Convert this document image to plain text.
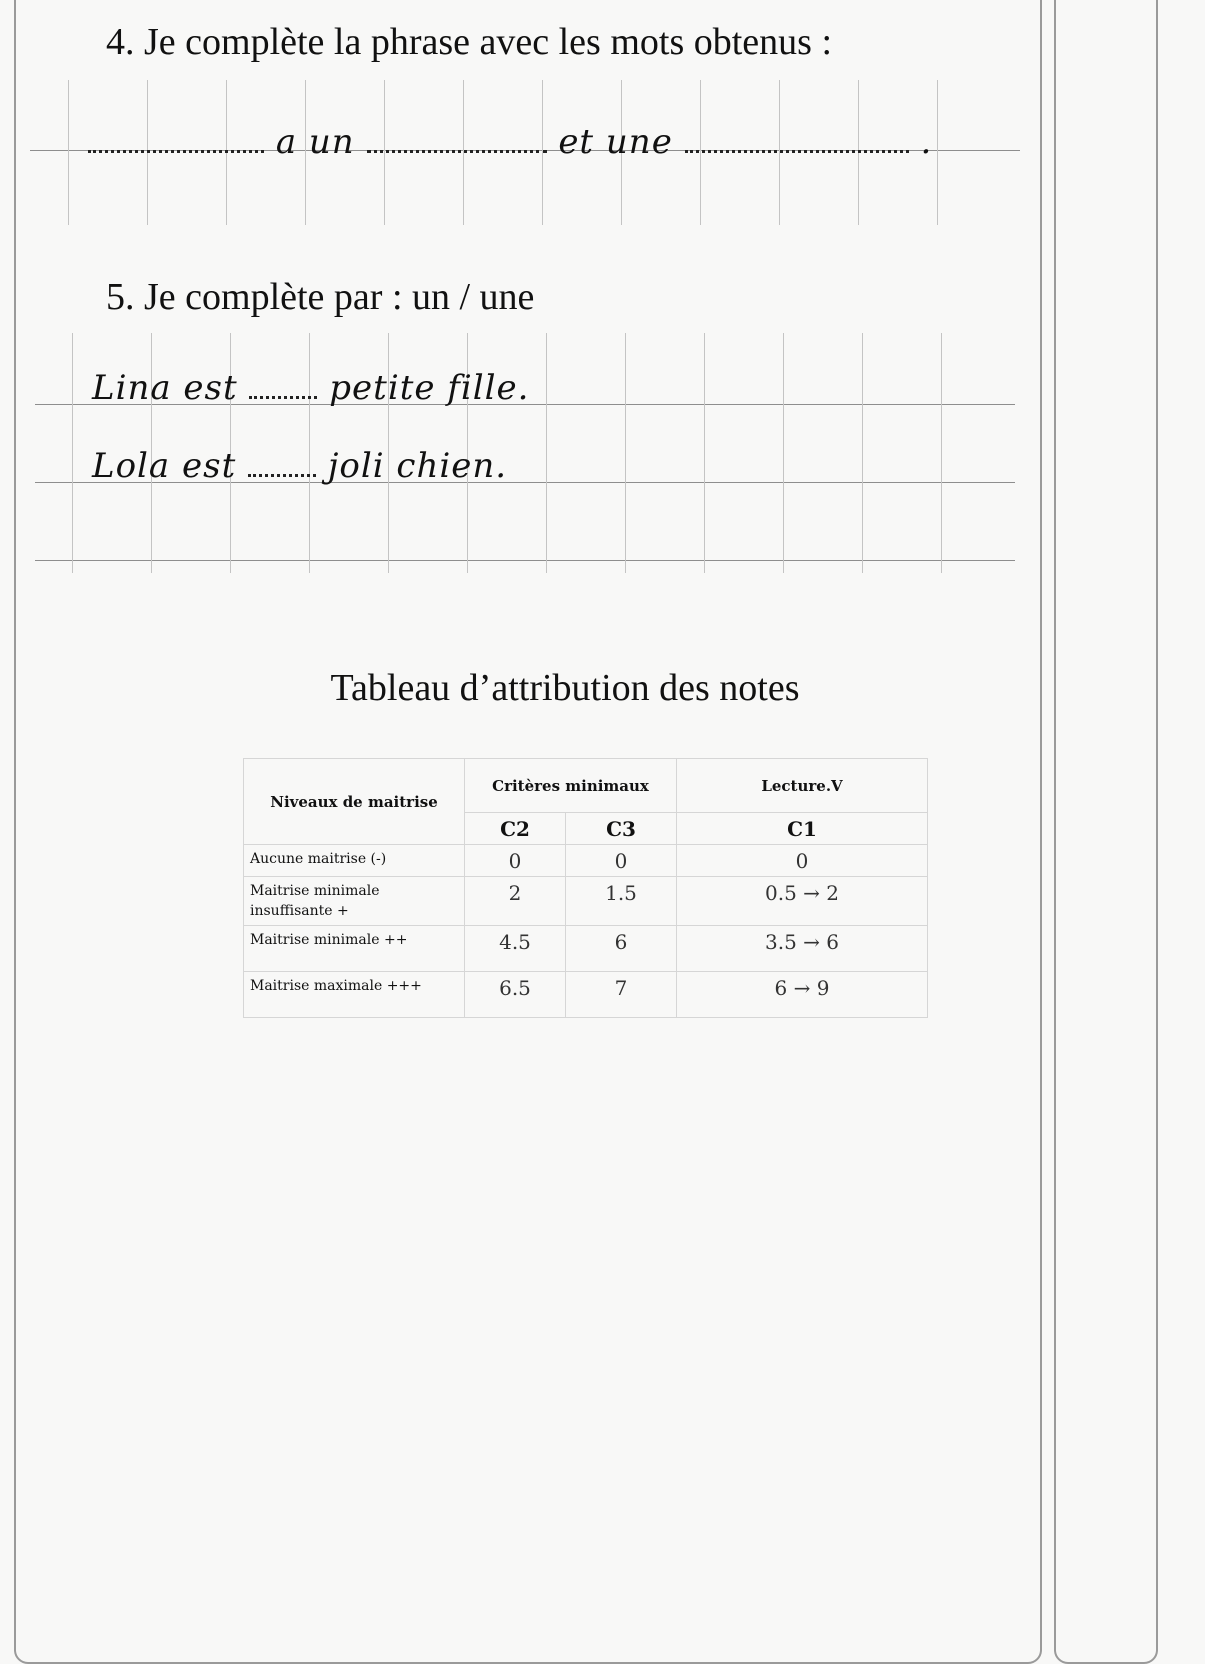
4. Je complète la phrase avec les mots obtenus :
a un	et une	.
5. Je complète par : un / une
Lina est	petite fille.
Lola est	joli chien.
Tableau d’attribution des notes
Niveaux de maitrise	Critères minimaux		Lecture.V
	C2	C3	C1
Aucune maitrise (-)	0	0	0
Maitrise minimale insuffisante +	2	1.5	0.5 → 2
Maitrise minimale ++	4.5	6	3.5 → 6
Maitrise maximale +++	6.5	7	6 → 9
